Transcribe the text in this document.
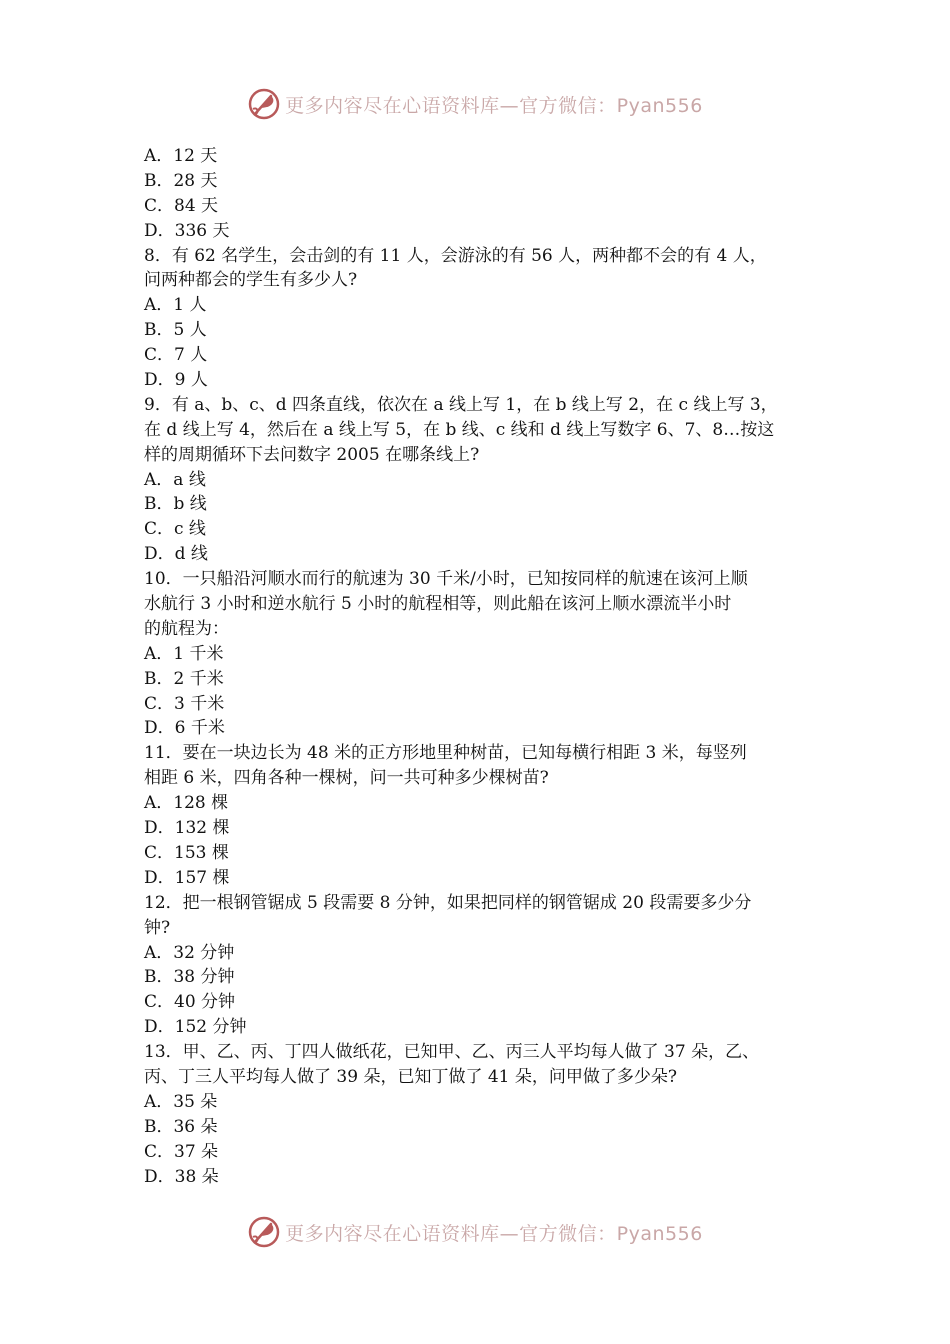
更多内容尽在心语资料库—官方微信：Pyan556
A．12 天
B．28 天
C．84 天
D．336 天
8．有 62 名学生，会击剑的有 11 人，会游泳的有 56 人，两种都不会的有 4 人，
问两种都会的学生有多少人?
A．1 人
B．5 人
C．7 人
D．9 人
9．有 a、b、c、d 四条直线，依次在 a 线上写 1，在 b 线上写 2，在 c 线上写 3，
在 d 线上写 4，然后在 a 线上写 5，在 b 线、c 线和 d 线上写数字 6、7、8…按这
样的周期循环下去问数字 2005 在哪条线上?
A．a 线
B．b 线
C．c 线
D．d 线
10．一只船沿河顺水而行的航速为 30 千米/小时，已知按同样的航速在该河上顺
水航行 3 小时和逆水航行 5 小时的航程相等，则此船在该河上顺水漂流半小时
的航程为：
A．1 千米
B．2 千米
C．3 千米
D．6 千米
11．要在一块边长为 48 米的正方形地里种树苗，已知每横行相距 3 米，每竖列
相距 6 米，四角各种一棵树，问一共可种多少棵树苗?
A．128 棵
D．132 棵
C．153 棵
D．157 棵
12．把一根钢管锯成 5 段需要 8 分钟，如果把同样的钢管锯成 20 段需要多少分
钟?
A．32 分钟
B．38 分钟
C．40 分钟
D．152 分钟
13．甲、乙、丙、丁四人做纸花，已知甲、乙、丙三人平均每人做了 37 朵，乙、
丙、丁三人平均每人做了 39 朵，已知丁做了 41 朵，问甲做了多少朵?
A．35 朵
B．36 朵
C．37 朵
D．38 朵
更多内容尽在心语资料库—官方微信：Pyan556
